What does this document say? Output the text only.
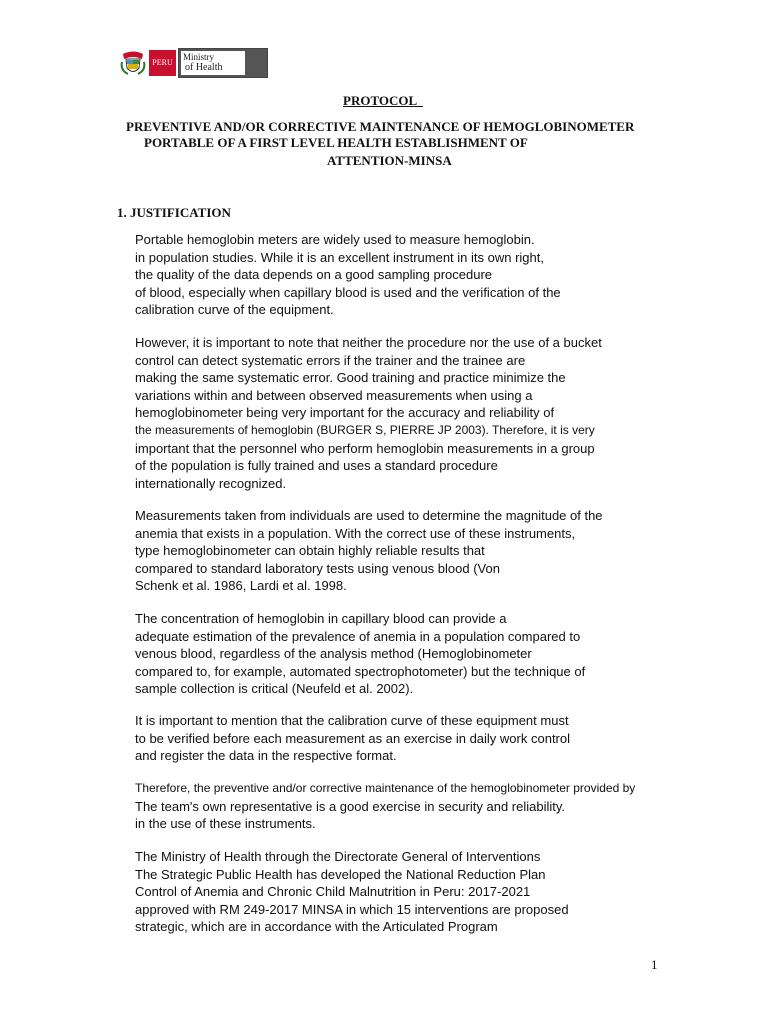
PERU
Ministry
of Health
PROTOCOL
PREVENTIVE AND/OR CORRECTIVE MAINTENANCE OF HEMOGLOBINOMETER
PORTABLE OF A FIRST LEVEL HEALTH ESTABLISHMENT OF
ATTENTION-MINSA
1. JUSTIFICATION
Portable hemoglobin meters are widely used to measure hemoglobin.
in population studies. While it is an excellent instrument in its own right,
the quality of the data depends on a good sampling procedure
of blood, especially when capillary blood is used and the verification of the
calibration curve of the equipment.
However, it is important to note that neither the procedure nor the use of a bucket
control can detect systematic errors if the trainer and the trainee are
making the same systematic error. Good training and practice minimize the
variations within and between observed measurements when using a
hemoglobinometer being very important for the accuracy and reliability of
the measurements of hemoglobin (BURGER S, PIERRE JP 2003). Therefore, it is very
important that the personnel who perform hemoglobin measurements in a group
of the population is fully trained and uses a standard procedure
internationally recognized.
Measurements taken from individuals are used to determine the magnitude of the
anemia that exists in a population. With the correct use of these instruments,
type hemoglobinometer can obtain highly reliable results that
compared to standard laboratory tests using venous blood (Von
Schenk et al. 1986, Lardi et al. 1998.
The concentration of hemoglobin in capillary blood can provide a
adequate estimation of the prevalence of anemia in a population compared to
venous blood, regardless of the analysis method (Hemoglobinometer
compared to, for example, automated spectrophotometer) but the technique of
sample collection is critical (Neufeld et al. 2002).
It is important to mention that the calibration curve of these equipment must
to be verified before each measurement as an exercise in daily work control
and register the data in the respective format.
Therefore, the preventive and/or corrective maintenance of the hemoglobinometer provided by
The team's own representative is a good exercise in security and reliability.
in the use of these instruments.
The Ministry of Health through the Directorate General of Interventions
The Strategic Public Health has developed the National Reduction Plan
Control of Anemia and Chronic Child Malnutrition in Peru: 2017-2021
approved with RM 249-2017 MINSA in which 15 interventions are proposed
strategic, which are in accordance with the Articulated Program
1
